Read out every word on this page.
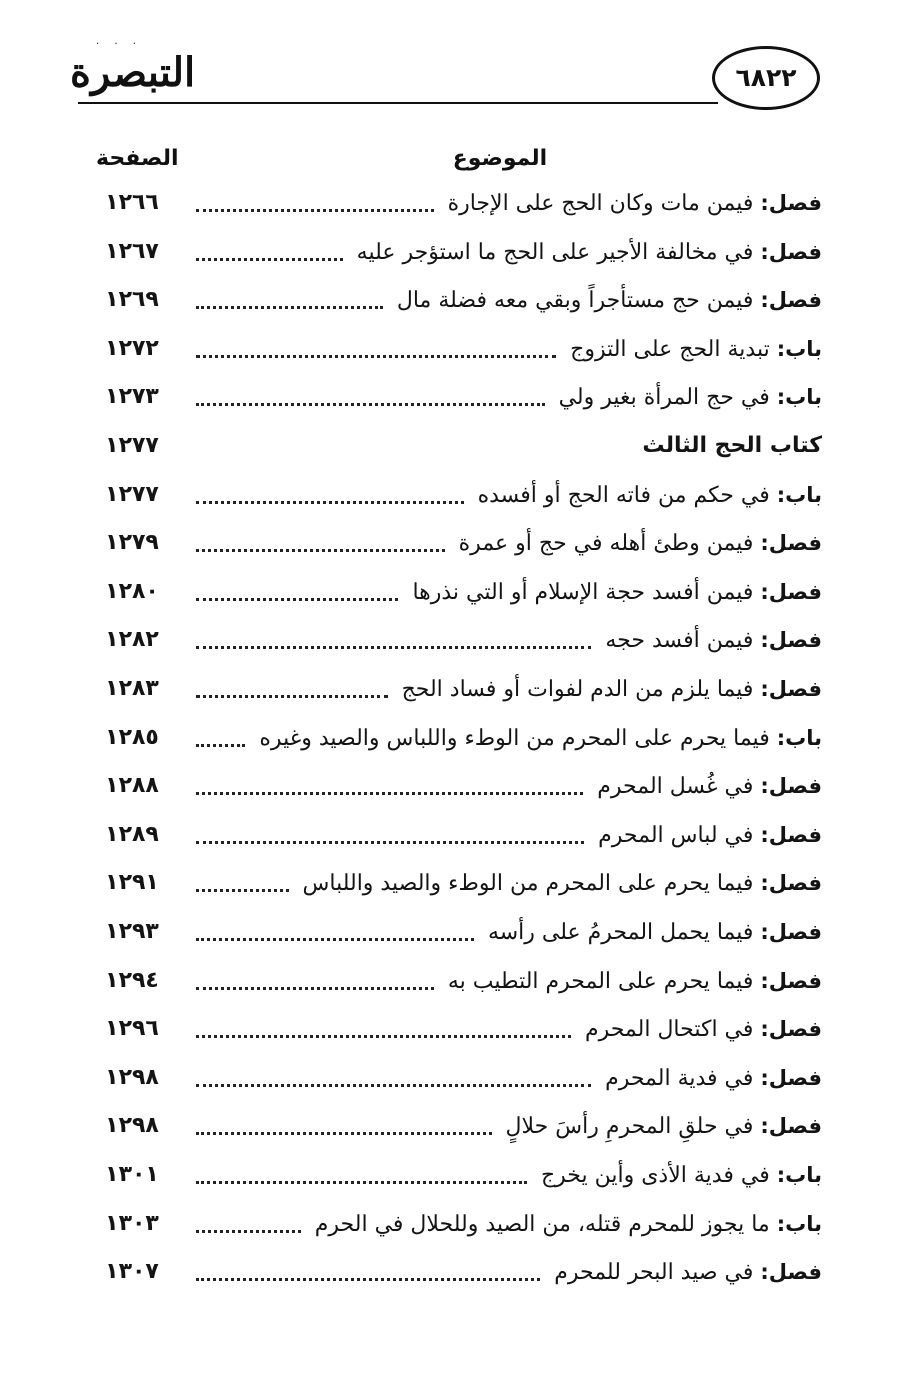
· · ·
التبصرة	٦٨٢٢
الصفحة	الموضوع
١٢٦٦	فصل: فيمن مات وكان الحج على الإجارة
١٢٦٧	فصل: في مخالفة الأجير على الحج ما استؤجر عليه
١٢٦٩	فصل: فيمن حج مستأجراً وبقي معه فضلة مال
١٢٧٢	باب: تبدية الحج على التزوج
١٢٧٣	باب: في حج المرأة بغير ولي
١٢٧٧	كتاب الحج الثالث
١٢٧٧	باب: في حكم من فاته الحج أو أفسده
١٢٧٩	فصل: فيمن وطئ أهله في حج أو عمرة
١٢٨٠	فصل: فيمن أفسد حجة الإسلام أو التي نذرها
١٢٨٢	فصل: فيمن أفسد حجه
١٢٨٣	فصل: فيما يلزم من الدم لفوات أو فساد الحج
١٢٨٥	باب: فيما يحرم على المحرم من الوطء واللباس والصيد وغيره
١٢٨٨	فصل: في غُسل المحرم
١٢٨٩	فصل: في لباس المحرم
١٢٩١	فصل: فيما يحرم على المحرم من الوطء والصيد واللباس
١٢٩٣	فصل: فيما يحمل المحرمُ على رأسه
١٢٩٤	فصل: فيما يحرم على المحرم التطيب به
١٢٩٦	فصل: في اكتحال المحرم
١٢٩٨	فصل: في فدية المحرم
١٢٩٨	فصل: في حلقِ المحرمِ رأسَ حلالٍ
١٣٠١	باب: في فدية الأذى وأين يخرج
١٣٠٣	باب: ما يجوز للمحرم قتله، من الصيد وللحلال في الحرم
١٣٠٧	فصل: في صيد البحر للمحرم
